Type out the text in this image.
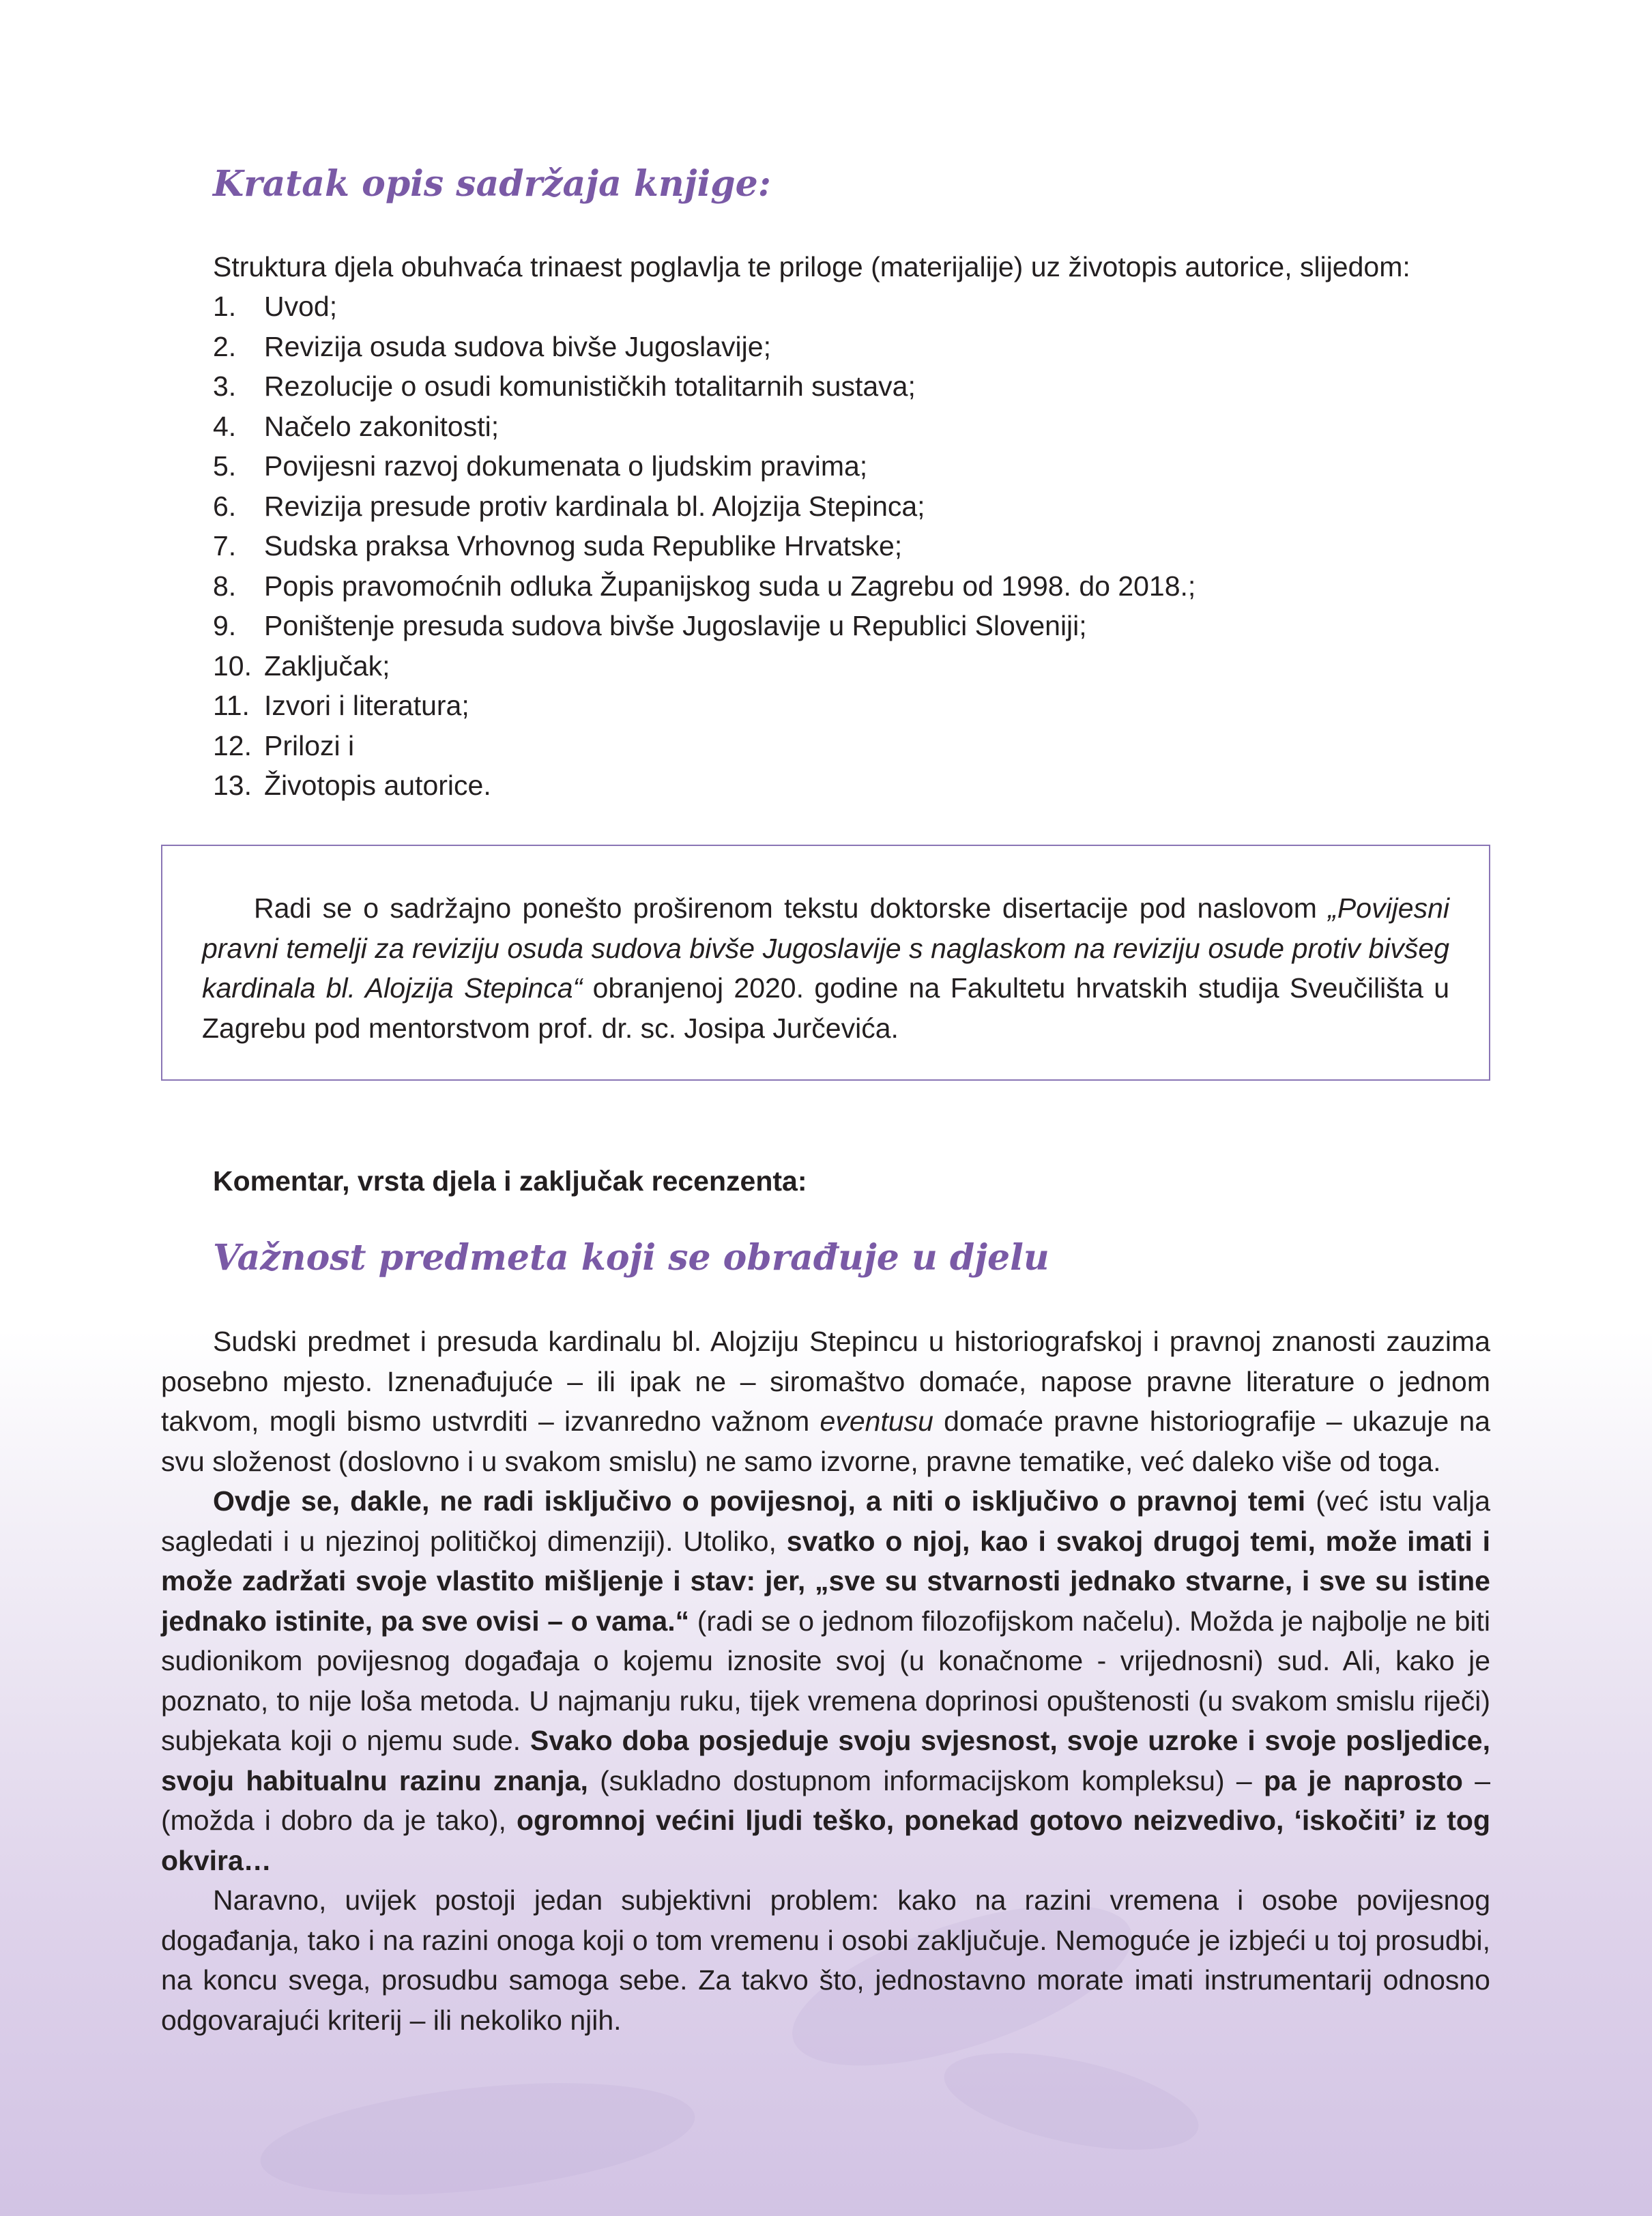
Kratak opis sadržaja knjige:

Struktura djela obuhvaća trinaest poglavlja te priloge (materijalije) uz životopis autorice, slijedom:

1. Uvod;
2. Revizija osuda sudova bivše Jugoslavije;
3. Rezolucije o osudi komunističkih totalitarnih sustava;
4. Načelo zakonitosti;
5. Povijesni razvoj dokumenata o ljudskim pravima;
6. Revizija presude protiv kardinala bl. Alojzija Stepinca;
7. Sudska praksa Vrhovnog suda Republike Hrvatske;
8. Popis pravomoćnih odluka Županijskog suda u Zagrebu od 1998. do 2018.;
9. Poništenje presuda sudova bivše Jugoslavije u Republici Sloveniji;
10. Zaključak;
11. Izvori i literatura;
12. Prilozi i
13. Životopis autorice.
Radi se o sadržajno ponešto proširenom tekstu doktorske disertacije pod naslovom „Povijesni pravni temelji za reviziju osuda sudova bivše Jugoslavije s naglaskom na reviziju osude protiv bivšeg kardinala bl. Alojzija Stepinca“ obranjenoj 2020. godine na Fakultetu hrvatskih studija Sveučilišta u Zagrebu pod mentorstvom prof. dr. sc. Josipa Jurčevića.
Komentar, vrsta djela i zaključak recenzenta:
Važnost predmeta koji se obrađuje u djelu

Sudski predmet i presuda kardinalu bl. Alojziju Stepincu u historiografskoj i pravnoj znanosti zauzima posebno mjesto. Iznenađujuće – ili ipak ne – siromaštvo domaće, napose pravne literature o jednom takvom, mogli bismo ustvrditi – izvanredno važnom eventusu domaće pravne historiografije – ukazuje na svu složenost (doslovno i u svakom smislu) ne samo izvorne, pravne tematike, već daleko više od toga.

Ovdje se, dakle, ne radi isključivo o povijesnoj, a niti o isključivo o pravnoj temi (već istu valja sagledati i u njezinoj političkoj dimenziji). Utoliko, svatko o njoj, kao i svakoj drugoj temi, može imati i može zadržati svoje vlastito mišljenje i stav: jer, „sve su stvarnosti jednako stvarne, i sve su istine jednako istinite, pa sve ovisi – o vama.“ (radi se o jednom filozofijskom načelu). Možda je najbolje ne biti sudionikom povijesnog događaja o kojemu iznosite svoj (u konačnome - vrijednosni) sud. Ali, kako je poznato, to nije loša metoda. U najmanju ruku, tijek vremena doprinosi opuštenosti (u svakom smislu riječi) subjekata koji o njemu sude. Svako doba posjeduje svoju svjesnost, svoje uzroke i svoje posljedice, svoju habitualnu razinu znanja, (sukladno dostupnom informacijskom kompleksu) – pa je naprosto – (možda i dobro da je tako), ogromnoj većini ljudi teško, ponekad gotovo neizvedivo, ‘iskočiti’ iz tog okvira…

Naravno, uvijek postoji jedan subjektivni problem: kako na razini vremena i osobe povijesnog događanja, tako i na razini onoga koji o tom vremenu i osobi zaključuje. Nemoguće je izbjeći u toj prosudbi, na koncu svega, prosudbu samoga sebe. Za takvo što, jednostavno morate imati instrumentarij odnosno odgovarajući kriterij – ili nekoliko njih.
